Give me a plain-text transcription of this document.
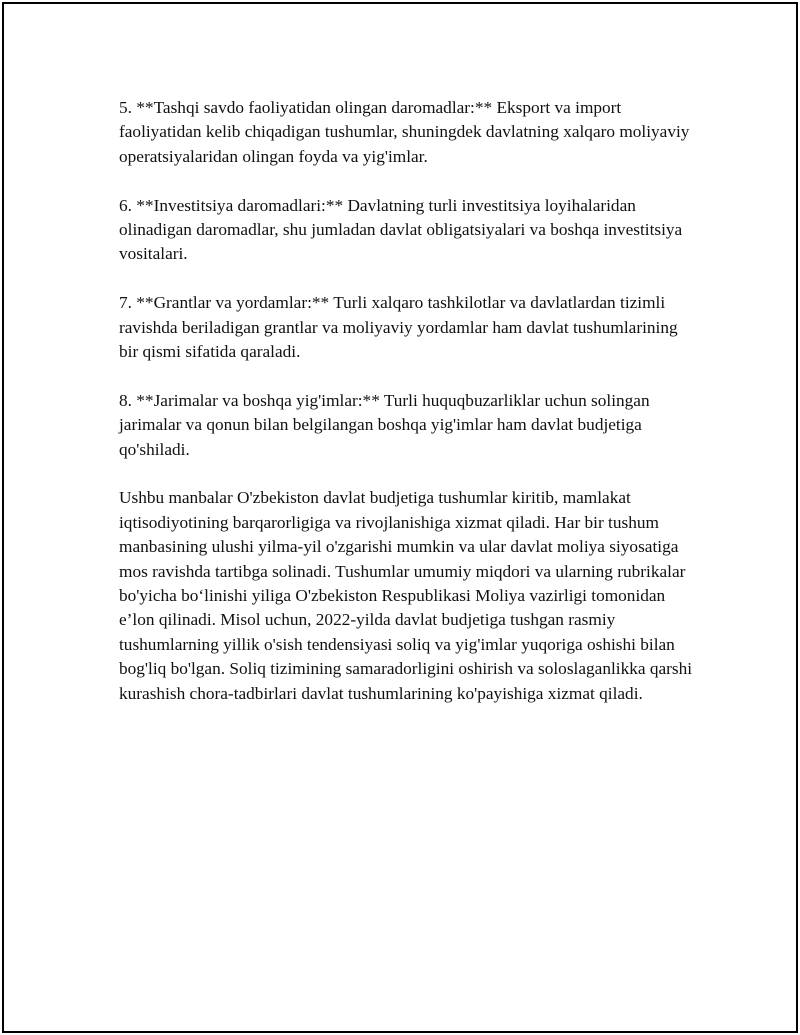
5. **Tashqi savdo faoliyatidan olingan daromadlar:** Eksport va import faoliyatidan kelib chiqadigan tushumlar, shuningdek davlatning xalqaro moliyaviy operatsiyalaridan olingan foyda va yig'imlar.

6. **Investitsiya daromadlari:** Davlatning turli investitsiya loyihalaridan olinadigan daromadlar, shu jumladan davlat obligatsiyalari va boshqa investitsiya vositalari.

7. **Grantlar va yordamlar:** Turli xalqaro tashkilotlar va davlatlardan tizimli ravishda beriladigan grantlar va moliyaviy yordamlar ham davlat tushumlarining bir qismi sifatida qaraladi.

8. **Jarimalar va boshqa yig'imlar:** Turli huquqbuzarliklar uchun solingan jarimalar va qonun bilan belgilangan boshqa yig'imlar ham davlat budjetiga qo'shiladi.

Ushbu manbalar O'zbekiston davlat budjetiga tushumlar kiritib, mamlakat iqtisodiyotining barqarorligiga va rivojlanishiga xizmat qiladi. Har bir tushum manbasining ulushi yilma-yil o'zgarishi mumkin va ular davlat moliya siyosatiga mos ravishda tartibga solinadi. Tushumlar umumiy miqdori va ularning rubrikalar bo'yicha bo‘linishi yiliga O'zbekiston Respublikasi Moliya vazirligi tomonidan e’lon qilinadi. Misol uchun, 2022-yilda davlat budjetiga tushgan rasmiy tushumlarning yillik o'sish tendensiyasi soliq va yig'imlar yuqoriga oshishi bilan bog'liq bo'lgan. Soliq tizimining samaradorligini oshirish va soloslaganlikka qarshi kurashish chora-tadbirlari davlat tushumlarining ko'payishiga xizmat qiladi.
